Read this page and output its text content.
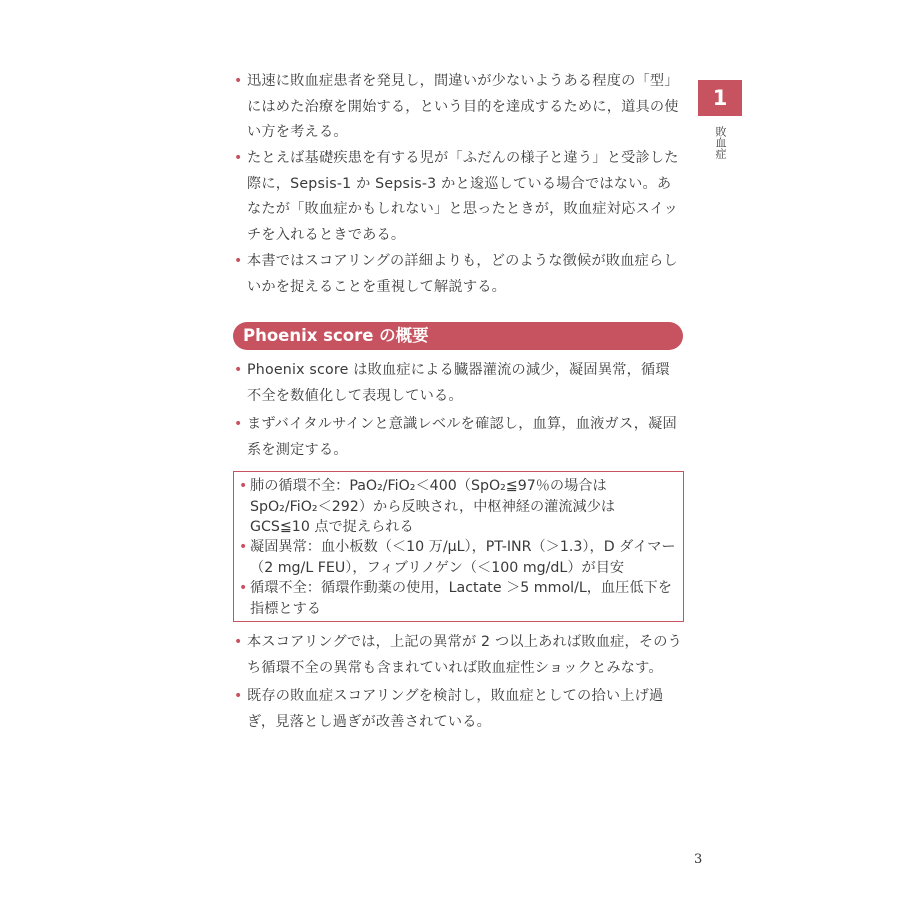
1
敗血症
• 迅速に敗血症患者を発見し，間違いが少ないようある程度の「型」にはめた治療を開始する，という目的を達成するために，道具の使い方を考える。
• たとえば基礎疾患を有する児が「ふだんの様子と違う」と受診した際に，Sepsis-1 か Sepsis-3 かと逡巡している場合ではない。あなたが「敗血症かもしれない」と思ったときが，敗血症対応スイッチを入れるときである。
• 本書ではスコアリングの詳細よりも，どのような徴候が敗血症らしいかを捉えることを重視して解説する。
Phoenix score の概要
• Phoenix score は敗血症による臓器灌流の減少，凝固異常，循環不全を数値化して表現している。
• まずバイタルサインと意識レベルを確認し，血算，血液ガス，凝固系を測定する。
• 肺の循環不全：PaO₂/FiO₂＜400（SpO₂≦97％の場合は SpO₂/FiO₂＜292）から反映され，中枢神経の灌流減少は GCS≦10 点で捉えられる
• 凝固異常：血小板数（＜10 万/μL），PT-INR（＞1.3），D ダイマー（2 mg/L FEU），フィブリノゲン（＜100 mg/dL）が目安
• 循環不全：循環作動薬の使用，Lactate ＞5 mmol/L，血圧低下を指標とする
• 本スコアリングでは，上記の異常が 2 つ以上あれば敗血症，そのうち循環不全の異常も含まれていれば敗血症性ショックとみなす。
• 既存の敗血症スコアリングを検討し，敗血症としての拾い上げ過ぎ，見落とし過ぎが改善されている。
3
